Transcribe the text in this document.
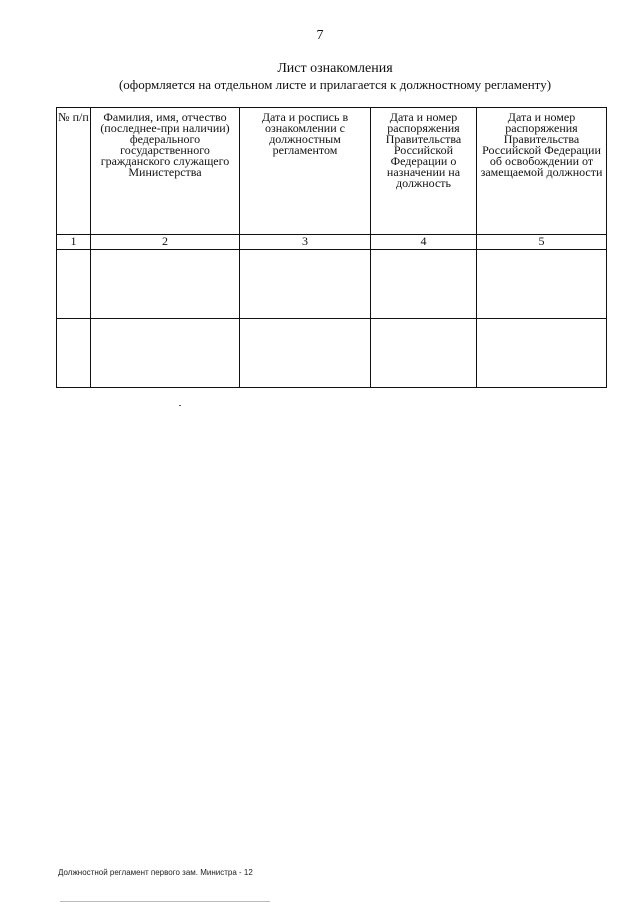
7
Лист ознакомления
(оформляется на отдельном листе и прилагается к должностному регламенту)
№ п/п	Фамилия, имя, отчество (последнее-при наличии) федерального государственного гражданского служащего Министерства	Дата и роспись в ознакомлении с должностным регламентом	Дата и номер распоряжения Правительства Российской Федерации о назначении на должность	Дата и номер распоряжения Правительства Российской Федерации об освобождении от замещаемой должности
1	2	3	4	5

Должностной регламент первого зам. Министра - 12
